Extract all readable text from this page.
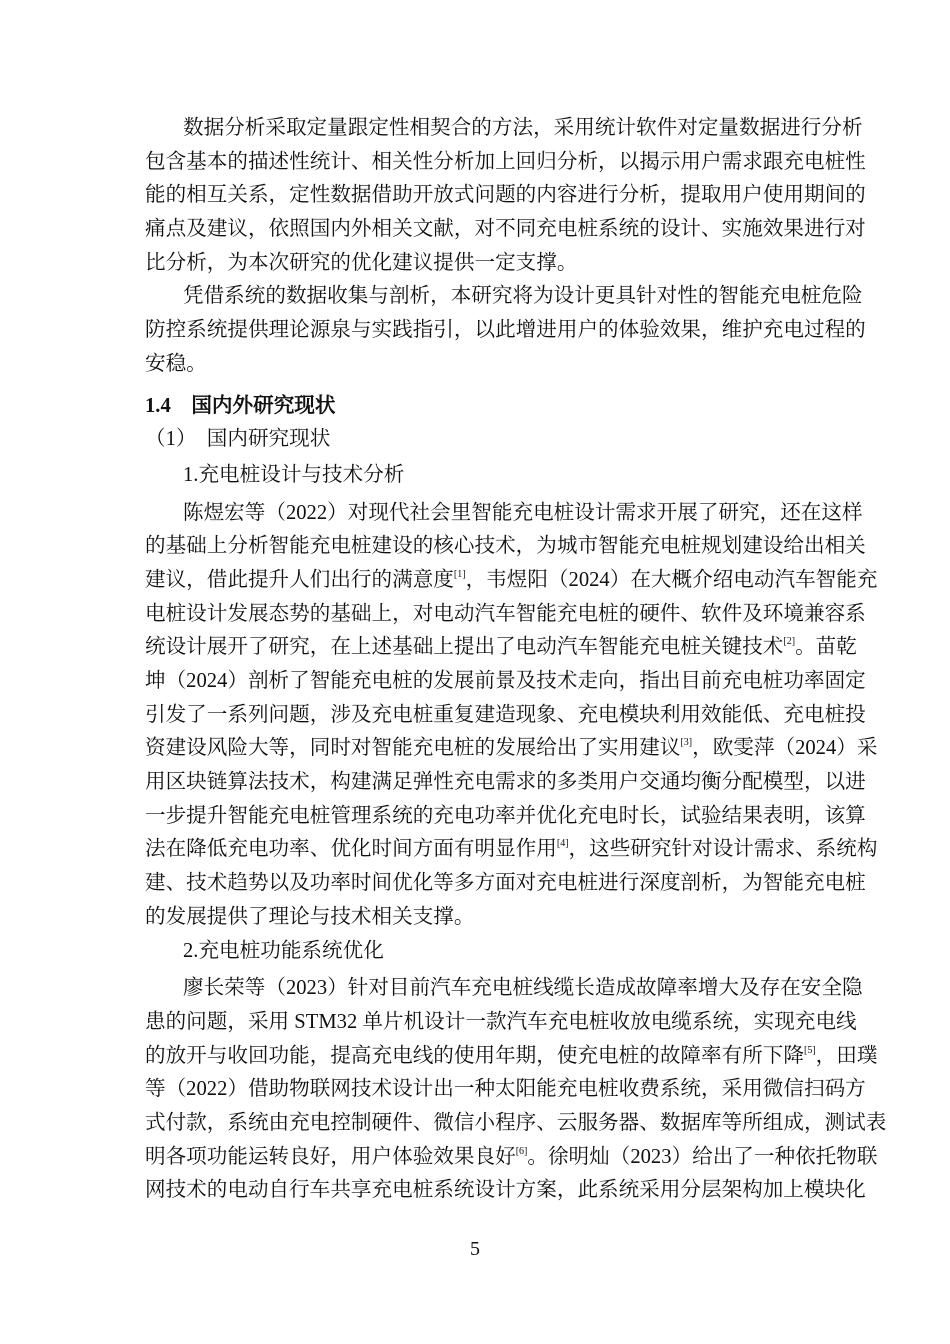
数据分析采取定量跟定性相契合的方法，采用统计软件对定量数据进行分析
包含基本的描述性统计、相关性分析加上回归分析，以揭示用户需求跟充电桩性
能的相互关系，定性数据借助开放式问题的内容进行分析，提取用户使用期间的
痛点及建议，依照国内外相关文献，对不同充电桩系统的设计、实施效果进行对
比分析，为本次研究的优化建议提供一定支撑。
凭借系统的数据收集与剖析，本研究将为设计更具针对性的智能充电桩危险
防控系统提供理论源泉与实践指引，以此增进用户的体验效果，维护充电过程的
安稳。
1.4　国内外研究现状
（1）　国内研究现状
1.充电桩设计与技术分析
陈煜宏等（2022）对现代社会里智能充电桩设计需求开展了研究，还在这样
的基础上分析智能充电桩建设的核心技术，为城市智能充电桩规划建设给出相关
建议，借此提升人们出行的满意度[1]，韦煜阳（2024）在大概介绍电动汽车智能充
电桩设计发展态势的基础上，对电动汽车智能充电桩的硬件、软件及环境兼容系
统设计展开了研究，在上述基础上提出了电动汽车智能充电桩关键技术[2]。苗乾
坤（2024）剖析了智能充电桩的发展前景及技术走向，指出目前充电桩功率固定
引发了一系列问题，涉及充电桩重复建造现象、充电模块利用效能低、充电桩投
资建设风险大等，同时对智能充电桩的发展给出了实用建议[3]，欧雯萍（2024）采
用区块链算法技术，构建满足弹性充电需求的多类用户交通均衡分配模型，以进
一步提升智能充电桩管理系统的充电功率并优化充电时长，试验结果表明，该算
法在降低充电功率、优化时间方面有明显作用[4]，这些研究针对设计需求、系统构
建、技术趋势以及功率时间优化等多方面对充电桩进行深度剖析，为智能充电桩
的发展提供了理论与技术相关支撑。
2.充电桩功能系统优化
廖长荣等（2023）针对目前汽车充电桩线缆长造成故障率增大及存在安全隐
患的问题，采用 STM32 单片机设计一款汽车充电桩收放电缆系统，实现充电线
的放开与收回功能，提高充电线的使用年期，使充电桩的故障率有所下降[5]，田璞
等（2022）借助物联网技术设计出一种太阳能充电桩收费系统，采用微信扫码方
式付款，系统由充电控制硬件、微信小程序、云服务器、数据库等所组成，测试表
明各项功能运转良好，用户体验效果良好[6]。徐明灿（2023）给出了一种依托物联
网技术的电动自行车共享充电桩系统设计方案，此系统采用分层架构加上模块化
5
